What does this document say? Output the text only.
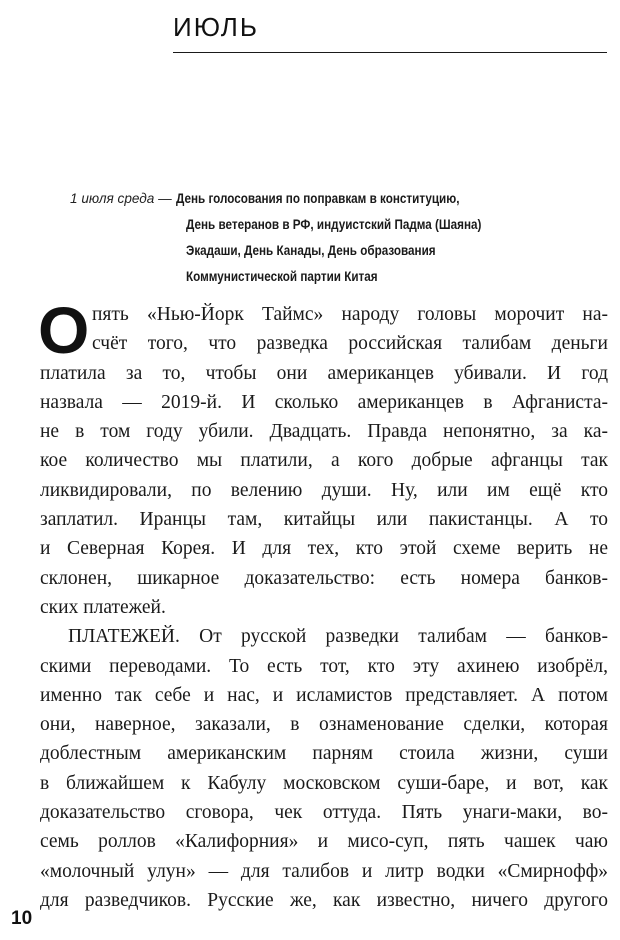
ИЮЛЬ
1 июля среда — День голосования по поправкам в конституцию,
День ветеранов в РФ, индуистский Падма (Шаяна)
Экадаши, День Канады, День образования
Коммунистической партии Китая
О пять «Нью-Йорк Таймс» народу головы морочит на-
счёт того, что разведка российская талибам деньги
платила за то, чтобы они американцев убивали. И год
назвала — 2019-й. И сколько американцев в Афганиста-
не в том году убили. Двадцать. Правда непонятно, за ка-
кое количество мы платили, а кого добрые афганцы так
ликвидировали, по велению души. Ну, или им ещё кто
заплатил. Иранцы там, китайцы или пакистанцы. А то
и Северная Корея. И для тех, кто этой схеме верить не
склонен, шикарное доказательство: есть номера банков-
ских платежей.
ПЛАТЕЖЕЙ. От русской разведки талибам — банков-
скими переводами. То есть тот, кто эту ахинею изобрёл,
именно так себе и нас, и исламистов представляет. А потом
они, наверное, заказали, в ознаменование сделки, которая
доблестным американским парням стоила жизни, суши
в ближайшем к Кабулу московском суши-баре, и вот, как
доказательство сговора, чек оттуда. Пять унаги-маки, во-
семь роллов «Калифорния» и мисо-суп, пять чашек чаю
«молочный улун» — для талибов и литр водки «Смирнофф»
для разведчиков. Русские же, как известно, ничего другого
10
